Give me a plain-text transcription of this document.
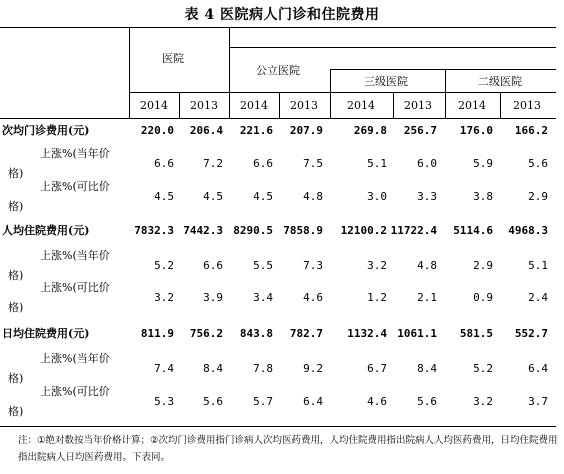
表 4 医院病人门诊和住院费用
医院
公立医院
三级医院	二级医院
2014 2013 2014 2013	2014	2013 2014 2013
次均门诊费用(元)	220.0	206.4	221.6	207.9	269.8	256.7	176.0	166.2
上涨%(当年价
格)
6.6	7.2	6.6	7.5	5.1	6.0	5.9	5.6
上涨%(可比价
格)
4.5	4.5	4.5	4.8	3.0	3.3	3.8	2.9
人均住院费用(元)	7832.3 7442.3 8290.5 7858.9	12100.2 11722.4	5114.6	4968.3
上涨%(当年价
格)
5.2	6.6	5.5	7.3	3.2	4.8	2.9	5.1
上涨%(可比价
格)
3.2	3.9	3.4	4.6	1.2	2.1	0.9	2.4
日均住院费用(元)	811.9	756.2	843.8	782.7	1132.4 1061.1	581.5	552.7
上涨%(当年价
格)
7.4	8.4	7.8	9.2	6.7	8.4	5.2	6.4
上涨%(可比价
格)
5.3	5.6	5.7	6.4	4.6	5.6	3.2	3.7
注：①绝对数按当年价格计算；②次均门诊费用指门诊病人次均医药费用，人均住院费用指出院病人人均医药费用，日均住院费用指出院病人日均医药费用。下表同。
